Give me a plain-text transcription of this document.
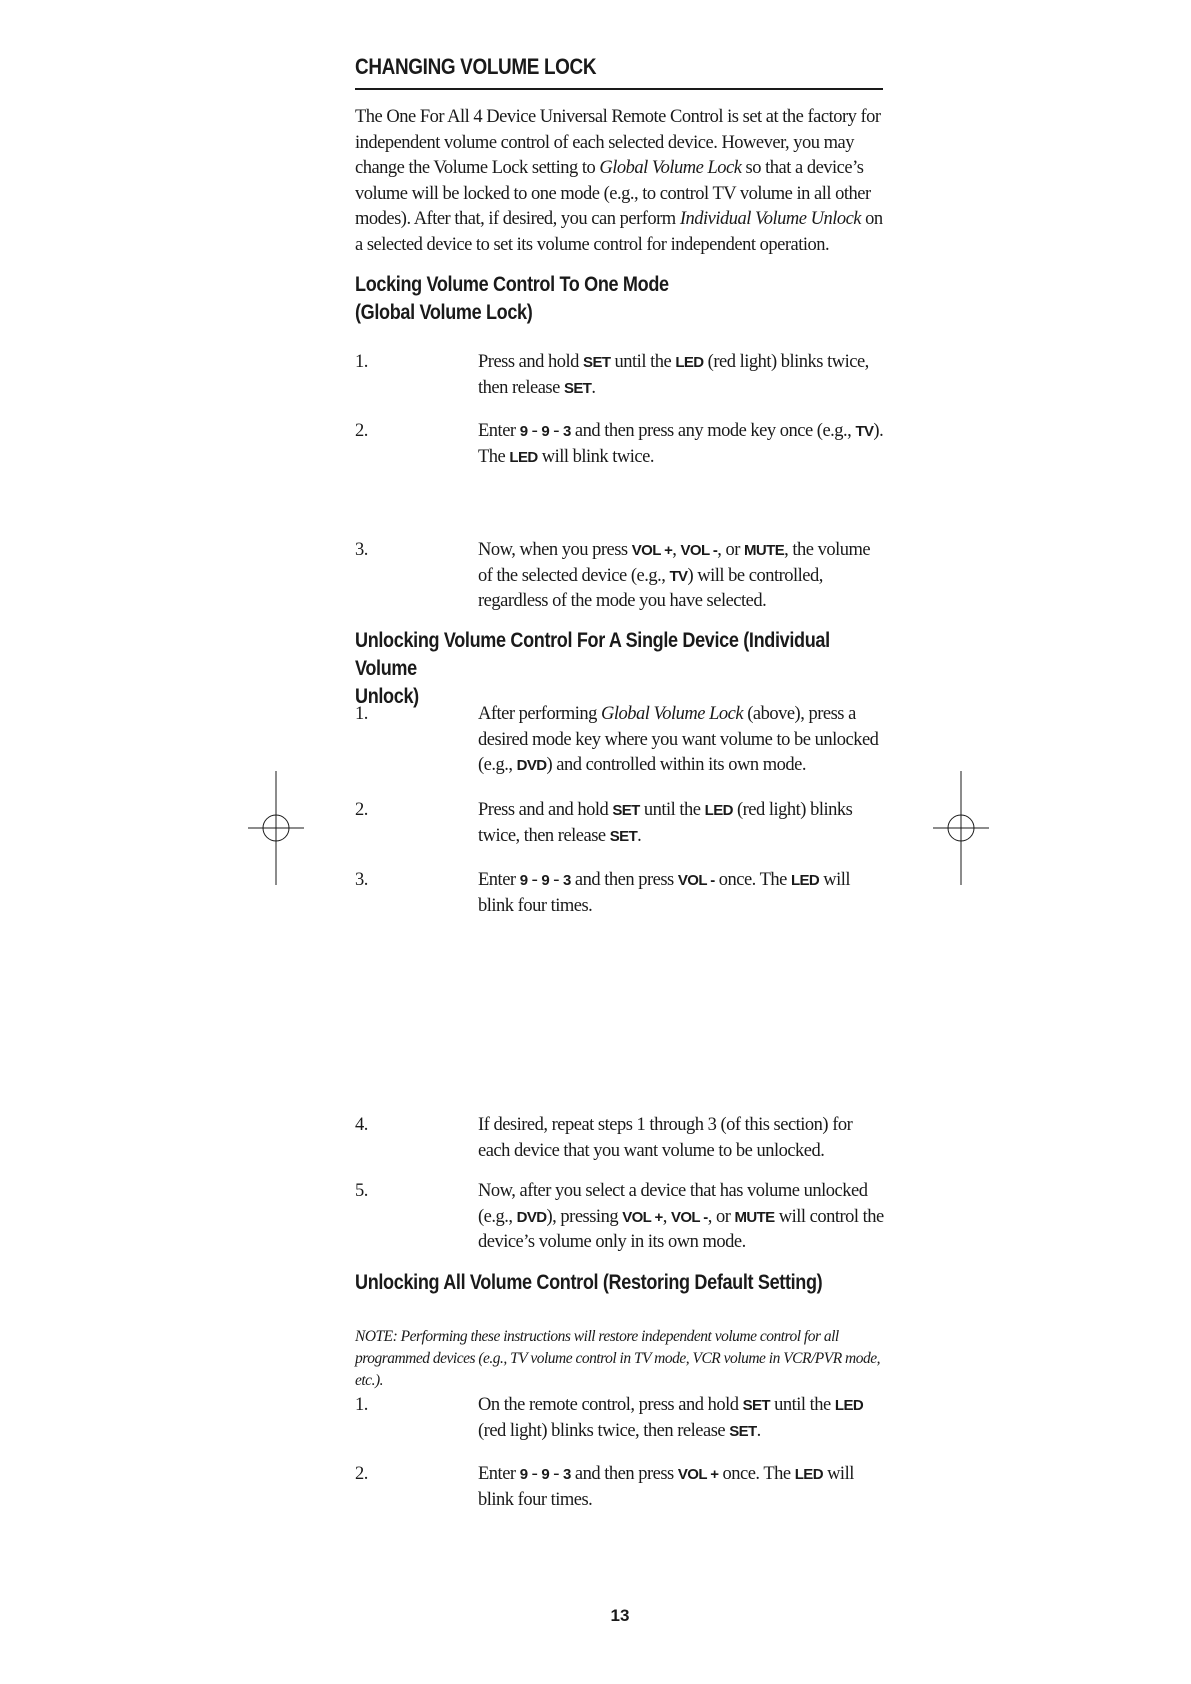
CHANGING VOLUME LOCK

The One For All 4 Device Universal Remote Control is set at the factory for independent volume control of each selected device. However, you may change the Volume Lock setting to Global Volume Lock so that a device’s volume will be locked to one mode (e.g., to control TV volume in all other modes). After that, if desired, you can perform Individual Volume Unlock on a selected device to set its volume control for independent operation.

Locking Volume Control To One Mode
(Global Volume Lock)
1.	Press and hold SET until the LED (red light) blinks twice, then release SET.
2.	Enter 9 - 9 - 3 and then press any mode key once (e.g., TV). The LED will blink twice.
3.	Now, when you press VOL +, VOL -, or MUTE, the volume of the selected device (e.g., TV) will be controlled, regardless of the mode you have selected.
Unlocking Volume Control For A Single Device (Individual Volume
Unlock)
1.	After performing Global Volume Lock (above), press a desired mode key where you want volume to be unlocked (e.g., DVD) and controlled within its own mode.
2.	Press and and hold SET until the LED (red light) blinks twice, then release SET.
3.	Enter 9 - 9 - 3 and then press VOL - once. The LED will blink four times.
4.	If desired, repeat steps 1 through 3 (of this section) for each device that you want volume to be unlocked.
5.	Now, after you select a device that has volume unlocked (e.g., DVD), pressing VOL +, VOL -, or MUTE will control the device’s volume only in its own mode.
Unlocking All Volume Control (Restoring Default Setting)

NOTE: Performing these instructions will restore independent volume control for all programmed devices (e.g., TV volume control in TV mode, VCR volume in VCR/PVR mode, etc.).

1.	On the remote control, press and hold SET until the LED (red light) blinks twice, then release SET.
2.	Enter 9 - 9 - 3 and then press VOL + once. The LED will blink four times.
13
